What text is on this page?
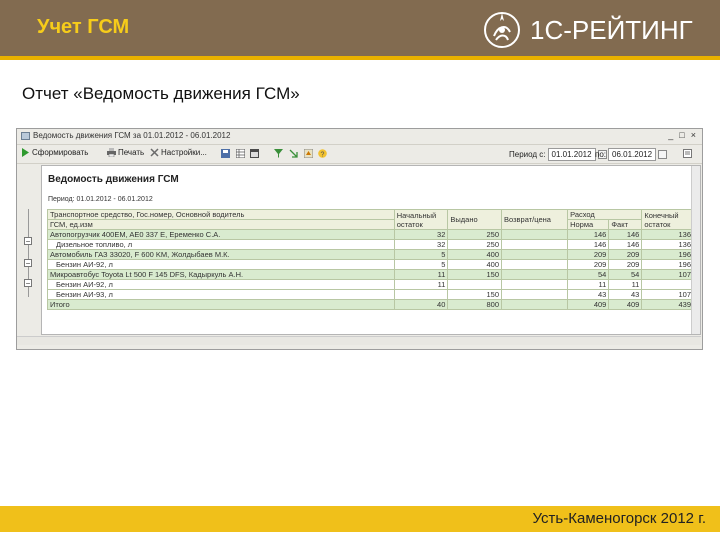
Учет ГСМ	1С-РЕЙТИНГ
Отчет «Ведомость движения ГСМ»
Ведомость движения ГСМ за 01.01.2012 - 06.01.2012	_ □ ×
Сформировать	Печать Настройки...	?	Период с: 01.01.2012 по: 06.01.2012
−
−
−
Ведомость движения ГСМ
Период: 01.01.2012 - 06.01.2012
Транспортное средство, Гос.номер, Основной водитель	Начальный остаток	Выдано	Возврат/цена	Расход		Конечный остаток
ГСМ, ед.изм				Норма	Факт	
Автопогрузчик 400EM, AE0 337 E, Еременко С.А.	32	250		146	146	136
Дизельное топливо, л	32	250		146	146	136
Автомобиль ГАЗ 33020, F 600 KM, Жолдыбаев М.К.	5	400		209	209	196
Бензин АИ-92, л	5	400		209	209	196
Микроавтобус Toyota Lt 500 F 145 DFS, Кадыркуль А.Н.	11	150		54	54	107
Бензин АИ-92, л	11			11	11	
Бензин АИ-93, л		150		43	43	107
Итого	40	800		409	409	439
Усть-Каменогорск 2012 г.
